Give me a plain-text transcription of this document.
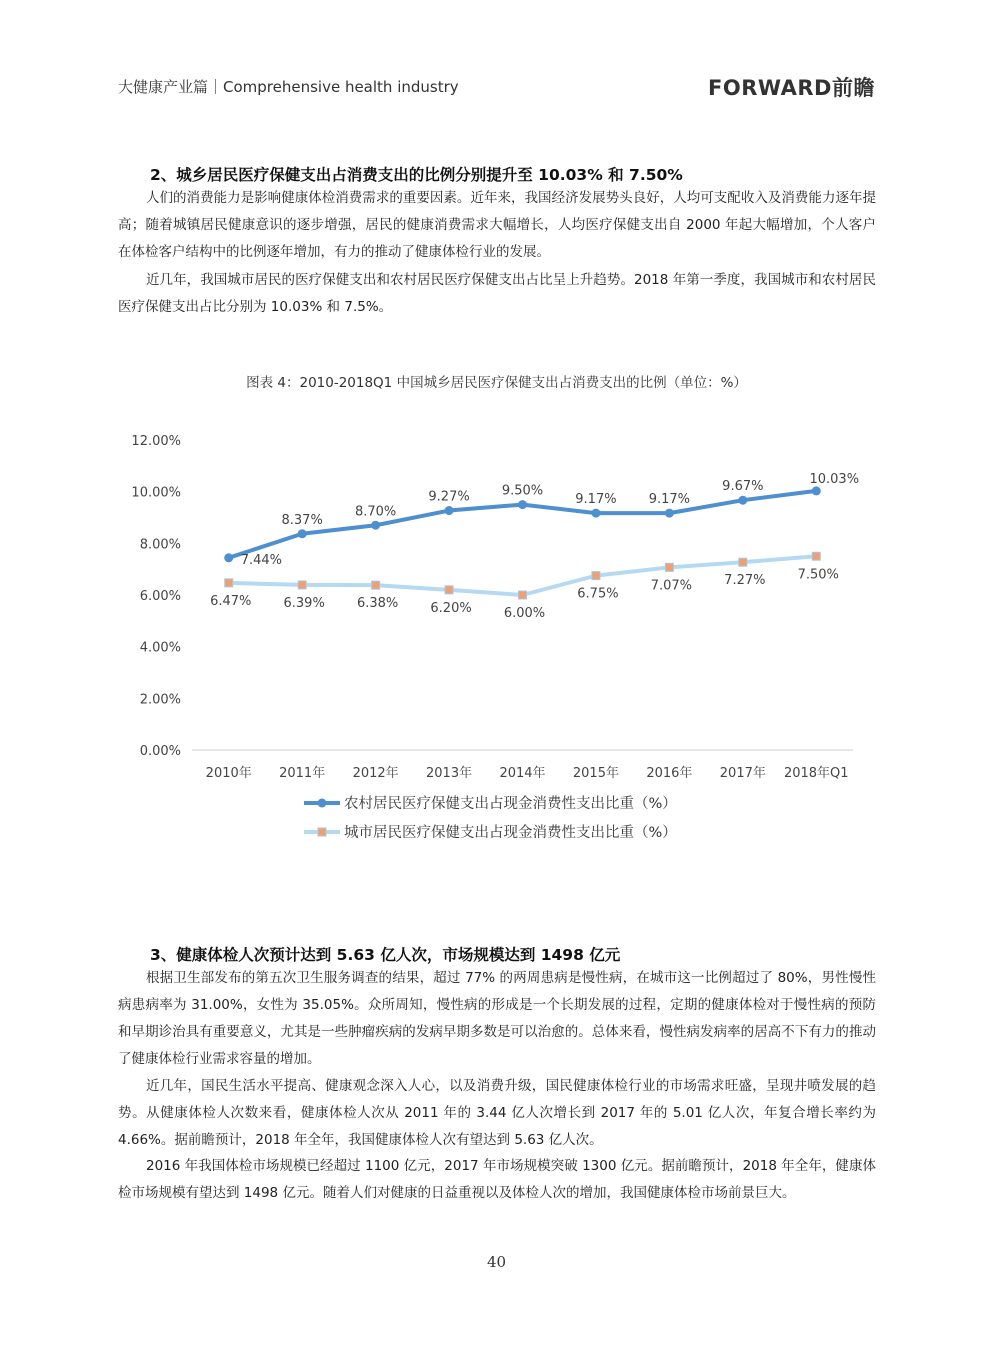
大健康产业篇｜Comprehensive health industry	FORWARD前瞻
2、城乡居民医疗保健支出占消费支出的比例分别提升至 10.03% 和 7.50%

人们的消费能力是影响健康体检消费需求的重要因素。近年来，我国经济发展势头良好，人均可支配收入及消费能力逐年提高；随着城镇居民健康意识的逐步增强，居民的健康消费需求大幅增长，人均医疗保健支出自 2000 年起大幅增加，个人客户在体检客户结构中的比例逐年增加，有力的推动了健康体检行业的发展。

近几年，我国城市居民的医疗保健支出和农村居民医疗保健支出占比呈上升趋势。2018 年第一季度，我国城市和农村居民医疗保健支出占比分别为 10.03% 和 7.5%。

图表 4：2010-2018Q1 中国城乡居民医疗保健支出占消费支出的比例（单位：%）
0.00%
2.00%
4.00%
6.00%
8.00%
10.00%
12.00%
2010年 2011年 2012年 2013年 2014年 2015年 2016年 2017年 2018年Q1
6.47% 6.39% 6.38% 6.20% 6.00%
6.75%
7.07% 7.27% 7.50%
7.44%
8.37%
8.70%
9.27% 9.50%
9.17% 9.17%
9.67%	10.03%
农村居民医疗保健支出占现金消费性支出比重（%）
城市居民医疗保健支出占现金消费性支出比重（%）
3、健康体检人次预计达到 5.63 亿人次，市场规模达到 1498 亿元

根据卫生部发布的第五次卫生服务调查的结果，超过 77% 的两周患病是慢性病，在城市这一比例超过了 80%，男性慢性病患病率为 31.00%，女性为 35.05%。众所周知，慢性病的形成是一个长期发展的过程，定期的健康体检对于慢性病的预防和早期诊治具有重要意义，尤其是一些肿瘤疾病的发病早期多数是可以治愈的。总体来看，慢性病发病率的居高不下有力的推动了健康体检行业需求容量的增加。

近几年，国民生活水平提高、健康观念深入人心，以及消费升级，国民健康体检行业的市场需求旺盛，呈现井喷发展的趋势。从健康体检人次数来看，健康体检人次从 2011 年的 3.44 亿人次增长到 2017 年的 5.01 亿人次，年复合增长率约为 4.66%。据前瞻预计，2018 年全年，我国健康体检人次有望达到 5.63 亿人次。

2016 年我国体检市场规模已经超过 1100 亿元，2017 年市场规模突破 1300 亿元。据前瞻预计，2018 年全年，健康体检市场规模有望达到 1498 亿元。随着人们对健康的日益重视以及体检人次的增加，我国健康体检市场前景巨大。

40
